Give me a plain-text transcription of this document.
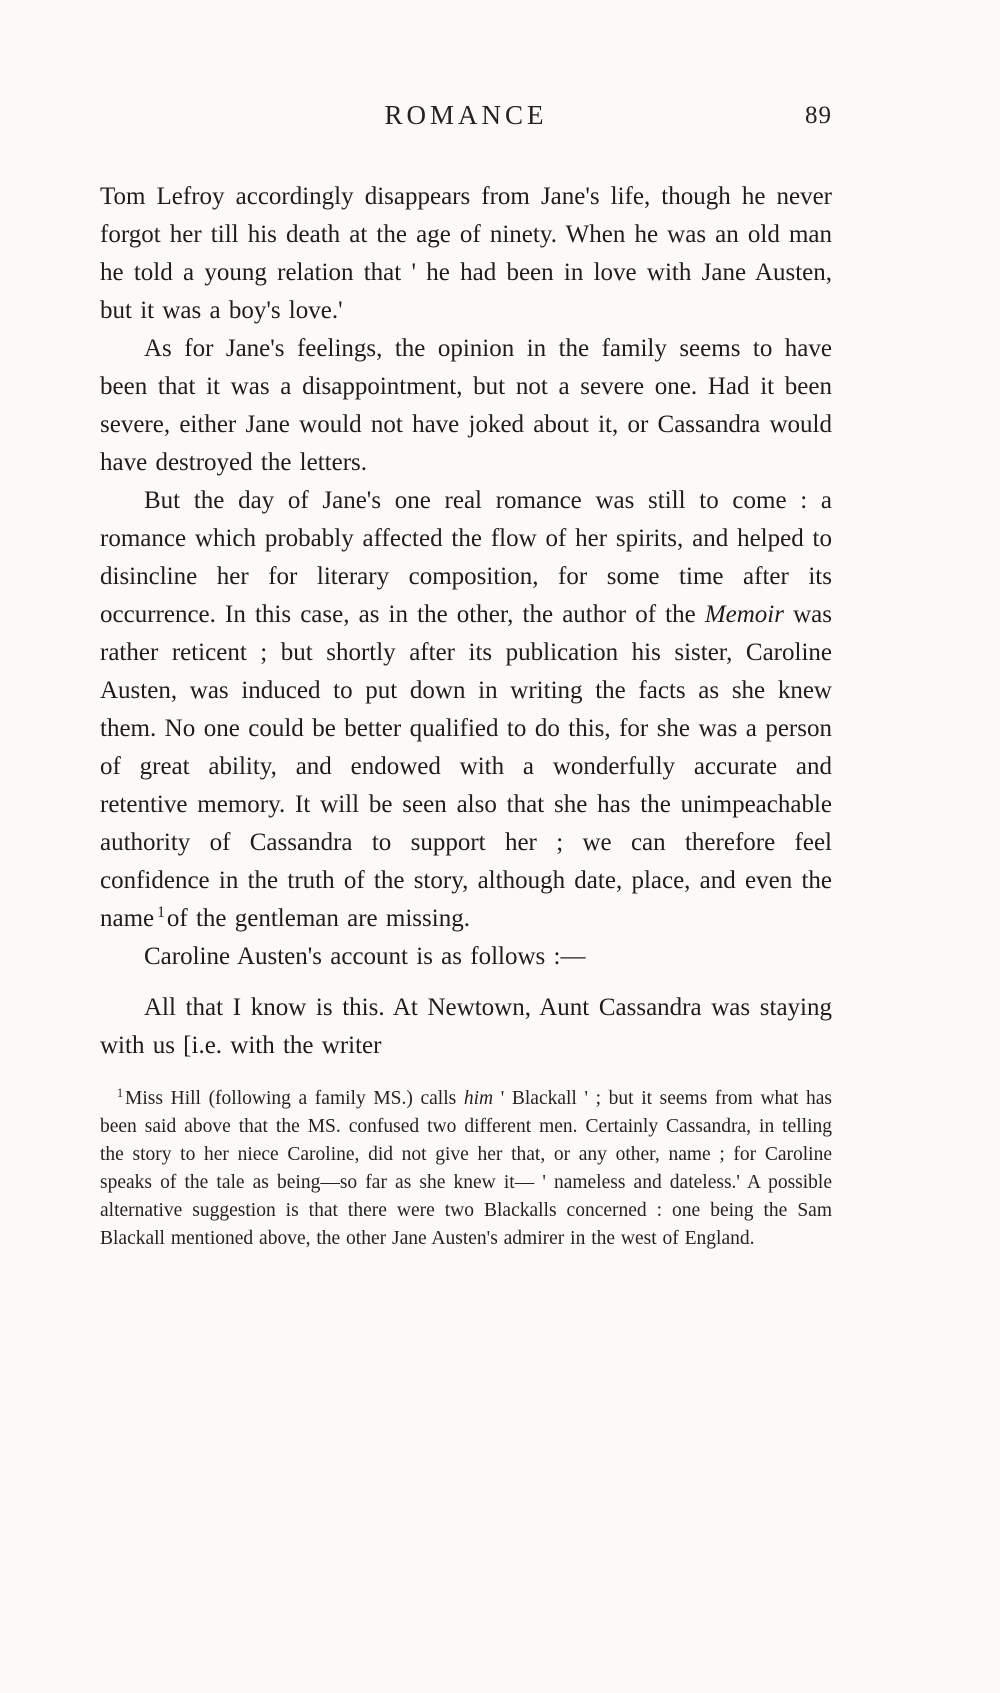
ROMANCE	89

Tom Lefroy accordingly disappears from Jane's life, though he never forgot her till his death at the age of ninety. When he was an old man he told a young relation that ' he had been in love with Jane Austen, but it was a boy's love.'

As for Jane's feelings, the opinion in the family seems to have been that it was a disappointment, but not a severe one. Had it been severe, either Jane would not have joked about it, or Cassandra would have destroyed the letters.

But the day of Jane's one real romance was still to come : a romance which probably affected the flow of her spirits, and helped to disincline her for literary composition, for some time after its occurrence. In this case, as in the other, the author of the Memoir was rather reticent ; but shortly after its publication his sister, Caroline Austen, was induced to put down in writing the facts as she knew them. No one could be better qualified to do this, for she was a person of great ability, and endowed with a wonderfully accurate and retentive memory. It will be seen also that she has the unimpeachable authority of Cassandra to support her ; we can therefore feel confidence in the truth of the story, although date, place, and even the name $^1$of the gentleman are missing.

Caroline Austen's account is as follows :—

All that I know is this. At Newtown, Aunt Cassandra was staying with us [i.e. with the writer

$^1$ Miss Hill (following a family MS.) calls him ' Blackall ' ; but it seems from what has been said above that the MS. confused two different men. Certainly Cassandra, in telling the story to her niece Caroline, did not give her that, or any other, name ; for Caroline speaks of the tale as being—so far as she knew it— ' nameless and dateless.' A possible alternative suggestion is that there were two Blackalls concerned : one being the Sam Blackall mentioned above, the other Jane Austen's admirer in the west of England.
